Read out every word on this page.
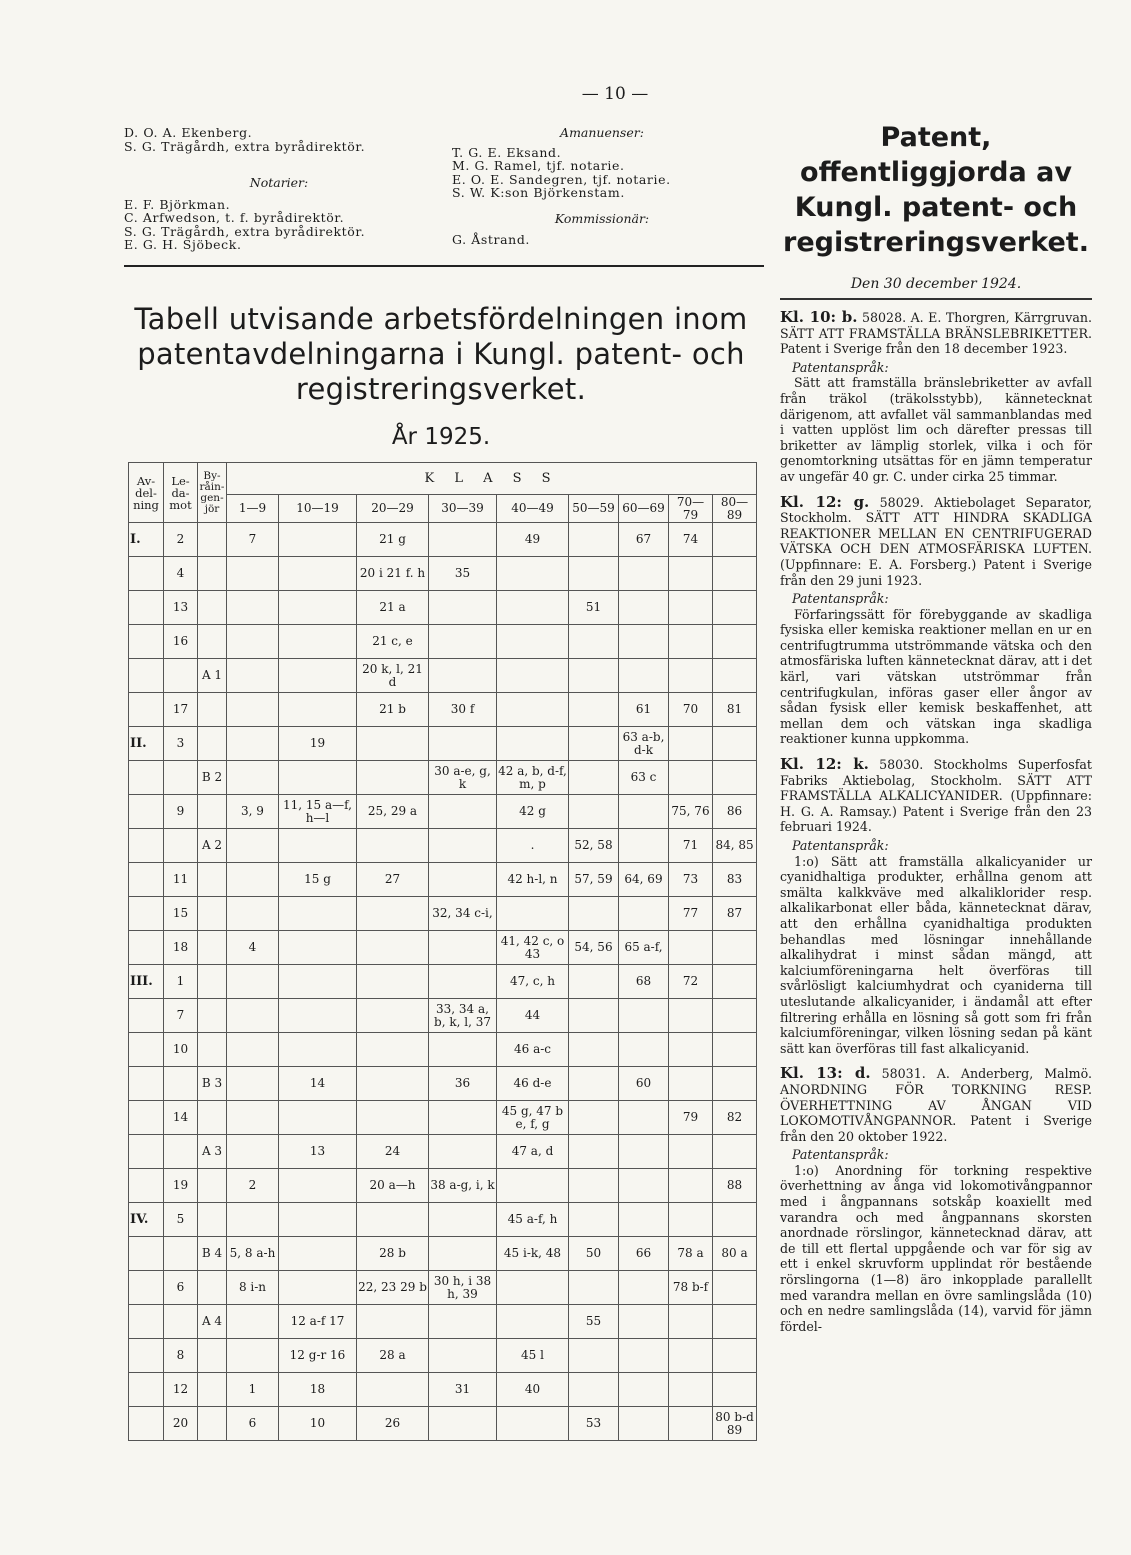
— 10 —
D. O. A. Ekenberg.
S. G. Trägårdh, extra byrådirektör.
Notarier:
E. F. Björkman.
C. Arfwedson, t. f. byrådirektör.
S. G. Trägårdh, extra byrådirektör.
E. G. H. Sjöbeck.
Amanuenser:
T. G. E. Eksand.
M. G. Ramel, tjf. notarie.
E. O. E. Sandegren, tjf. notarie.
S. W. K:son Björkenstam.
Kommissionär:
G. Åstrand.
Tabell utvisande arbetsfördelningen inom patentavdelningarna i Kungl. patent- och registreringsverket.
År 1925.
Av-del-ning	Le-da-mot	By-råin-gen-jör	K L A S S								
			1—9	10—19	20—29	30—39	40—49	50—59	60—69	70—79	80—89
I.	2		7		21 g		49		67	74	
	4				20 i 21 f. h	35					
	13				21 a			51			
	16				21 c, e						
		A 1			20 k, l, 21 d						
	17				21 b	30 f			61	70	81
II.	3			19					63 a-b, d-k		
		B 2				30 a-e, g, k	42 a, b, d-f, m, p		63 c		
	9		3, 9	11, 15 a—f, h—l	25, 29 a		42 g			75, 76	86
		A 2					.	52, 58		71	84, 85
	11			15 g	27		42 h-l, n	57, 59	64, 69	73	83
	15					32, 34 c-i,				77	87
	18		4				41, 42 c, o 43	54, 56	65 a-f,		
III.	1						47, c, h		68	72	
	7					33, 34 a, b, k, l, 37	44				
	10						46 a-c				
		B 3		14		36	46 d-e		60		
	14						45 g, 47 b e, f, g			79	82
		A 3		13	24		47 a, d				
	19		2		20 a—h	38 a-g, i, k					88
IV.	5						45 a-f, h				
		B 4	5, 8 a-h		28 b		45 i-k, 48	50	66	78 a	80 a
	6		8 i-n		22, 23 29 b	30 h, i 38 h, 39				78 b-f	
		A 4		12 a-f 17				55			
	8			12 g-r 16	28 a		45 l				
	12		1	18		31	40				
	20		6	10	26			53			80 b-d 89
Patent, offentliggjorda av Kungl. patent- och registreringsverket.
Den 30 december 1924.
Kl. 10: b. 58028. A. E. Thorgren, Kärrgruvan. SÄTT ATT FRAMSTÄLLA BRÄNSLEBRIKETTER. Patent i Sverige från den 18 december 1923.
Patentanspråk:
Sätt att framställa bränslebriketter av avfall från träkol (träkolsstybb), kännetecknat därigenom, att avfallet väl sammanblandas med i vatten upplöst lim och därefter pressas till briketter av lämplig storlek, vilka i och för genomtorkning utsättas för en jämn temperatur av ungefär 40 gr. C. under cirka 25 timmar.
Kl. 12: g. 58029. Aktiebolaget Separator, Stockholm. SÄTT ATT HINDRA SKADLIGA REAKTIONER MELLAN EN CENTRIFUGERAD VÄTSKA OCH DEN ATMOSFÄRISKA LUFTEN. (Uppfinnare: E. A. Forsberg.) Patent i Sverige från den 29 juni 1923.
Patentanspråk:
Förfaringssätt för förebyggande av skadliga fysiska eller kemiska reaktioner mellan en ur en centrifugtrumma utströmmande vätska och den atmosfäriska luften kännetecknat därav, att i det kärl, vari vätskan utströmmar från centrifugkulan, införas gaser eller ångor av sådan fysisk eller kemisk beskaffenhet, att mellan dem och vätskan inga skadliga reaktioner kunna uppkomma.
Kl. 12: k. 58030. Stockholms Superfosfat Fabriks Aktiebolag, Stockholm. SÄTT ATT FRAMSTÄLLA ALKALICYANIDER. (Uppfinnare: H. G. A. Ramsay.) Patent i Sverige från den 23 februari 1924.
Patentanspråk:
1:o) Sätt att framställa alkalicyanider ur cyanidhaltiga produkter, erhållna genom att smälta kalkkväve med alkaliklorider resp. alkalikarbonat eller båda, kännetecknat därav, att den erhållna cyanidhaltiga produkten behandlas med lösningar innehållande alkalihydrat i minst sådan mängd, att kalciumföreningarna helt överföras till svårlösligt kalciumhydrat och cyaniderna till uteslutande alkalicyanider, i ändamål att efter filtrering erhålla en lösning så gott som fri från kalciumföreningar, vilken lösning sedan på känt sätt kan överföras till fast alkalicyanid.
Kl. 13: d. 58031. A. Anderberg, Malmö. ANORDNING FÖR TORKNING RESP. ÖVERHETTNING AV ÅNGAN VID LOKOMOTIVÅNGPANNOR. Patent i Sverige från den 20 oktober 1922.
Patentanspråk:
1:o) Anordning för torkning respektive överhettning av ånga vid lokomotivångpannor med i ångpannans sotskåp koaxiellt med varandra och med ångpannans skorsten anordnade rörslingor, kännetecknad därav, att de till ett flertal uppgående och var för sig av ett i enkel skruvform upplindat rör bestående rörslingorna (1—8) äro inkopplade parallellt med varandra mellan en övre samlingslåda (10) och en nedre samlingslåda (14), varvid för jämn fördel-
